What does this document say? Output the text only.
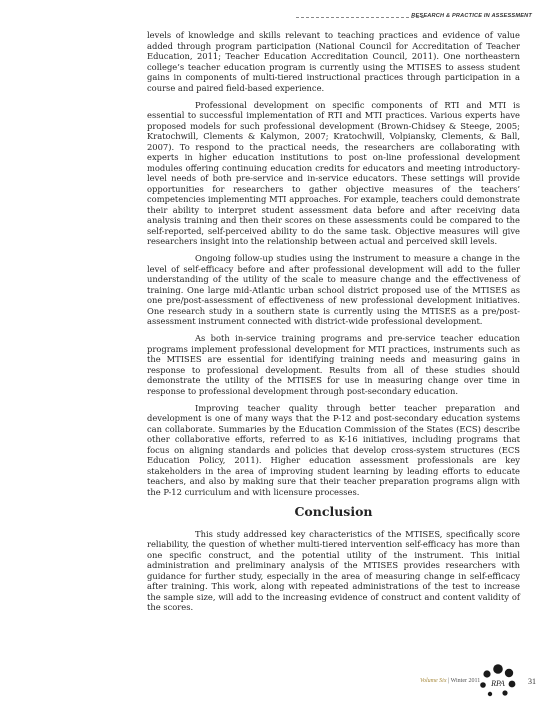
RESEARCH & PRACTICE IN ASSESSMENT

levels of knowledge and skills relevant to teaching practices and evidence of value added through program participation (National Council for Accreditation of Teacher Education, 2011; Teacher Education Accreditation Council, 2011). One northeastern college’s teacher education program is currently using the MTISES to assess student gains in components of multi-tiered instructional practices through participation in a course and paired field-based experience.

Professional development on specific components of RTI and MTI is essential to successful implementation of RTI and MTI practices. Various experts have proposed models for such professional development (Brown-Chidsey & Steege, 2005; Kratochwill, Clements & Kalymon, 2007; Kratochwill, Volpiansky, Clements, & Ball, 2007). To respond to the practical needs, the researchers are collaborating with experts in higher education institutions to post on-line professional development modules offering continuing education credits for educators and meeting introductory-level needs of both pre-service and in-service educators. These settings will provide opportunities for researchers to gather objective measures of the teachers’ competencies implementing MTI approaches. For example, teachers could demonstrate their ability to interpret student assessment data before and after receiving data analysis training and then their scores on these assessments could be compared to the self-reported, self-perceived ability to do the same task. Objective measures will give researchers insight into the relationship between actual and perceived skill levels.

Ongoing follow-up studies using the instrument to measure a change in the level of self-efficacy before and after professional development will add to the fuller understanding of the utility of the scale to measure change and the effectiveness of training. One large mid-Atlantic urban school district proposed use of the MTISES as one pre/post-assessment of effectiveness of new professional development initiatives. One research study in a southern state is currently using the MTISES as a pre/post- assessment instrument connected with district-wide professional development.

As both in-service training programs and pre-service teacher education programs implement professional development for MTI practices, instruments such as the MTISES are essential for identifying training needs and measuring gains in response to professional development. Results from all of these studies should demonstrate the utility of the MTISES for use in measuring change over time in response to professional development through post-secondary education.

Improving teacher quality through better teacher preparation and development is one of many ways that the P-12 and post-secondary education systems can collaborate. Summaries by the Education Commission of the States (ECS) describe other collaborative efforts, referred to as K-16 initiatives, including programs that focus on aligning standards and policies that develop cross-system structures (ECS Education Policy, 2011). Higher education assessment professionals are key stakeholders in the area of improving student learning by leading efforts to educate teachers, and also by making sure that their teacher preparation programs align with the P-12 curriculum and with licensure processes.

Conclusion

This study addressed key characteristics of the MTISES, specifically score reliability, the question of whether multi-tiered intervention self-efficacy has more than one specific construct, and the potential utility of the instrument. This initial administration and preliminary analysis of the MTISES provides researchers with guidance for further study, especially in the area of measuring change in self-efficacy after training. This work, along with repeated administrations of the test to increase the sample size, will add to the increasing evidence of construct and content validity of the scores.

Volume Six | Winter 2011 RPA	31
